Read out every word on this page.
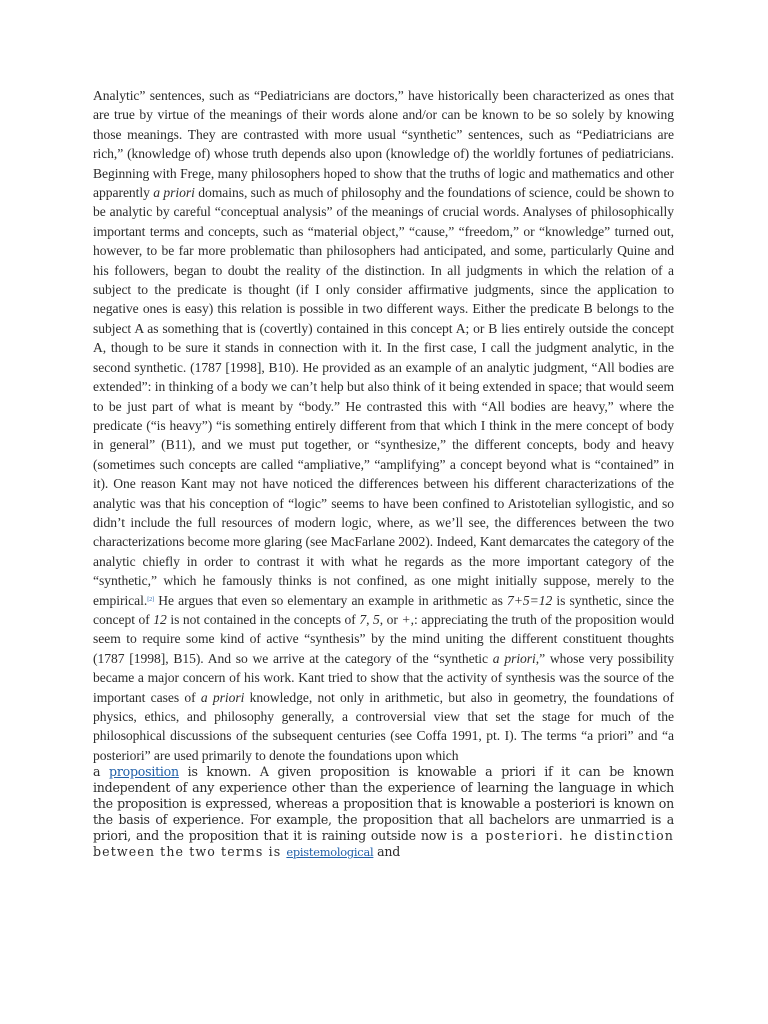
Analytic” sentences, such as “Pediatricians are doctors,” have historically been characterized as ones that are true by virtue of the meanings of their words alone and/or can be known to be so solely by knowing those meanings. They are contrasted with more usual “synthetic” sentences, such as “Pediatricians are rich,” (knowledge of) whose truth depends also upon (knowledge of) the worldly fortunes of pediatricians. Beginning with Frege, many philosophers hoped to show that the truths of logic and mathematics and other apparently a priori domains, such as much of philosophy and the foundations of science, could be shown to be analytic by careful “conceptual analysis” of the meanings of crucial words. Analyses of philosophically important terms and concepts, such as “material object,” “cause,” “freedom,” or “knowledge” turned out, however, to be far more problematic than philosophers had anticipated, and some, particularly Quine and his followers, began to doubt the reality of the distinction. In all judgments in which the relation of a subject to the predicate is thought (if I only consider affirmative judgments, since the application to negative ones is easy) this relation is possible in two different ways. Either the predicate B belongs to the subject A as something that is (covertly) contained in this concept A; or B lies entirely outside the concept A, though to be sure it stands in connection with it. In the first case, I call the judgment analytic, in the second synthetic. (1787 [1998], B10). He provided as an example of an analytic judgment, “All bodies are extended”: in thinking of a body we can’t help but also think of it being extended in space; that would seem to be just part of what is meant by “body.” He contrasted this with “All bodies are heavy,” where the predicate (“is heavy”) “is something entirely different from that which I think in the mere concept of body in general” (B11), and we must put together, or “synthesize,” the different concepts, body and heavy (sometimes such concepts are called “ampliative,” “amplifying” a concept beyond what is “contained” in it). One reason Kant may not have noticed the differences between his different characterizations of the analytic was that his conception of “logic” seems to have been confined to Aristotelian syllogistic, and so didn’t include the full resources of modern logic, where, as we’ll see, the differences between the two characterizations become more glaring (see MacFarlane 2002). Indeed, Kant demarcates the category of the analytic chiefly in order to contrast it with what he regards as the more important category of the “synthetic,” which he famously thinks is not confined, as one might initially suppose, merely to the empirical.[2] He argues that even so elementary an example in arithmetic as 7+5=12 is synthetic, since the concept of 12 is not contained in the concepts of 7, 5, or +,: appreciating the truth of the proposition would seem to require some kind of active “synthesis” by the mind uniting the different constituent thoughts (1787 [1998], B15). And so we arrive at the category of the “synthetic a priori,” whose very possibility became a major concern of his work. Kant tried to show that the activity of synthesis was the source of the important cases of a priori knowledge, not only in arithmetic, but also in geometry, the foundations of physics, ethics, and philosophy generally, a controversial view that set the stage for much of the philosophical discussions of the subsequent centuries (see Coffa 1991, pt. I). The terms “a priori” and “a posteriori” are used primarily to denote the foundations upon which

a proposition is known. A given proposition is knowable a priori if it can be known independent of any experience other than the experience of learning the language in which the proposition is expressed, whereas a proposition that is knowable a posteriori is known on the basis of experience. For example, the proposition that all bachelors are unmarried is a priori, and the proposition that it is raining outside now is a posteriori. he distinction between the two terms is epistemological and
